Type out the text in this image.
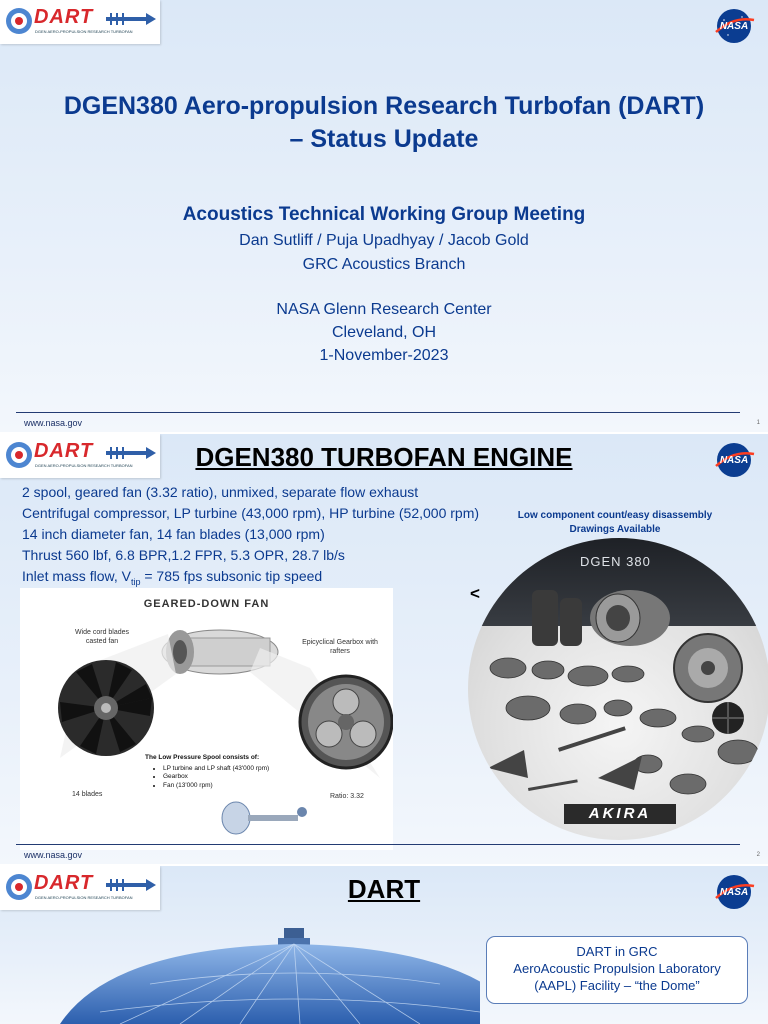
DART
DGEN AERO-PROPULSION RESEARCH TURBOFAN	NASA
DGEN380 Aero-propulsion Research Turbofan (DART)
– Status Update
Acoustics Technical Working Group Meeting
Dan Sutliff / Puja Upadhyay / Jacob Gold
GRC Acoustics Branch
NASA Glenn Research Center
Cleveland, OH
1-November-2023
www.nasa.gov	1
DART
DGEN AERO-PROPULSION RESEARCH TURBOFAN	NASA
DGEN380 TURBOFAN ENGINE
2 spool, geared fan (3.32 ratio), unmixed, separate flow exhaust
Centrifugal compressor, LP turbine (43,000 rpm), HP turbine (52,000 rpm)
14 inch diameter fan, 14 fan blades (13,000 rpm)
Thrust 560 lbf, 6.8 BPR,1.2 FPR, 5.3 OPR, 28.7 lb/s
Inlet mass flow, $V_{tip} = 785$ fps subsonic tip speed
Low component count/easy disassembly
Drawings Available
GEARED-DOWN FAN
Wide cord blades
casted fan	Epicyclical Gearbox with
rafters
The Low Pressure Spool consists of:
• LP turbine and LP shaft (43'000 rpm)
• Gearbox
• Fan (13'000 rpm)
14 blades	Ratio: 3.32
DGEN 380
AKIRA
www.nasa.gov	2
DART
DGEN AERO-PROPULSION RESEARCH TURBOFAN	NASA
DART
DART in GRC
AeroAcoustic Propulsion Laboratory
(AAPL) Facility – “the Dome”
